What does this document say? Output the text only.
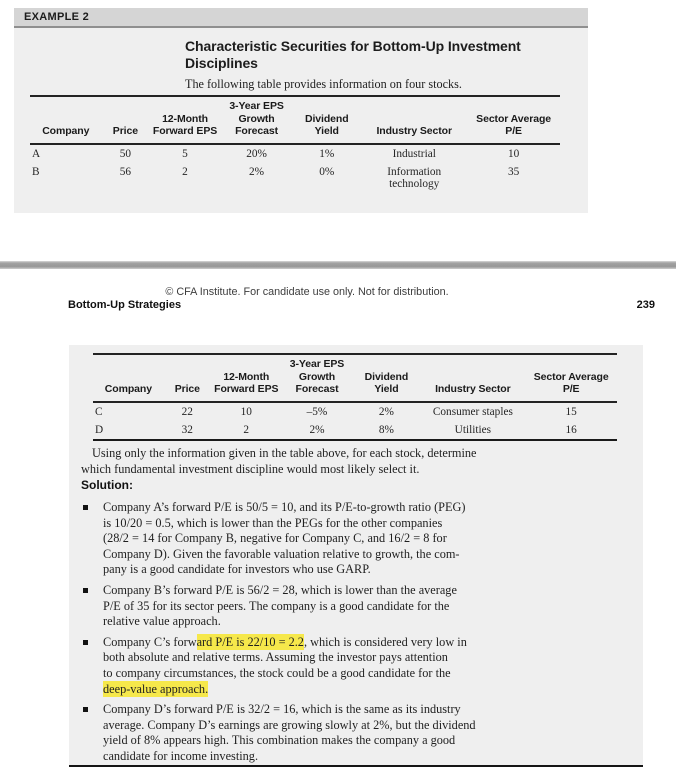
EXAMPLE 2
Characteristic Securities for Bottom-Up Investment
Disciplines
The following table provides information on four stocks.
Company	Price	12-Month Forward EPS	3-Year EPS Growth Forecast	Dividend Yield	Industry Sector	Sector Average P/E
A	50	5	20%	1%	Industrial	10
B	56	2	2%	0%	Information technology	35
© CFA Institute. For candidate use only. Not for distribution.
Bottom-Up Strategies	239
Company	Price	12-Month Forward EPS	3-Year EPS Growth Forecast	Dividend Yield	Industry Sector	Sector Average P/E
C	22	10	–5%	2%	Consumer staples	15
D	32	2	2%	8%	Utilities	16
Using only the information given in the table above, for each stock, determine
which fundamental investment discipline would most likely select it.
Solution:
Company A’s forward P/E is 50/5 = 10, and its P/E-to-growth ratio (PEG)
is 10/20 = 0.5, which is lower than the PEGs for the other companies
(28/2 = 14 for Company B, negative for Company C, and 16/2 = 8 for
Company D). Given the favorable valuation relative to growth, the com-
pany is a good candidate for investors who use GARP.
Company B’s forward P/E is 56/2 = 28, which is lower than the average
P/E of 35 for its sector peers. The company is a good candidate for the
relative value approach.
Company C’s forward P/E is 22/10 = 2.2, which is considered very low in
both absolute and relative terms. Assuming the investor pays attention
to company circumstances, the stock could be a good candidate for the
deep-value approach.
Company D’s forward P/E is 32/2 = 16, which is the same as its industry
average. Company D’s earnings are growing slowly at 2%, but the dividend
yield of 8% appears high. This combination makes the company a good
candidate for income investing.
